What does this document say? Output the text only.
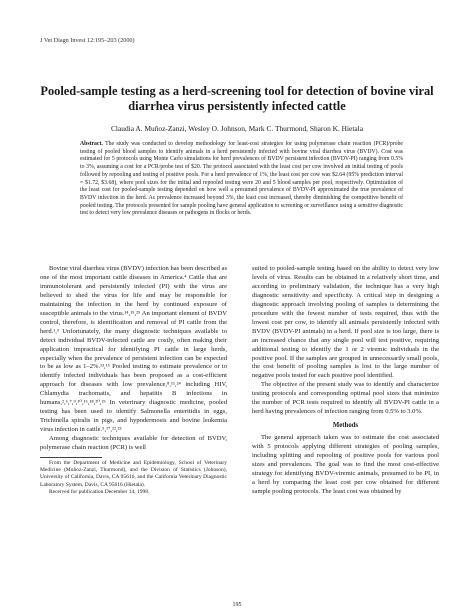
J Vet Diagn Invest 12:195–203 (2000)
Pooled-sample testing as a herd-screening tool for detection of bovine viral diarrhea virus persistently infected cattle
Claudia A. Muñoz-Zanzi, Wesley O. Johnson, Mark C. Thurmond, Sharon K. Hietala

Abstract. The study was conducted to develop methodology for least-cost strategies for using polymerase chain reaction (PCR)/probe testing of pooled blood samples to identify animals in a herd persistently infected with bovine viral diarrhea virus (BVDV). Cost was estimated for 5 protocols using Monte Carlo simulations for herd prevalences of BVDV persistent infection (BVDV-PI) ranging from 0.5% to 3%, assuming a cost for a PCR/probe test of $20. The protocol associated with the least cost per cow involved an initial testing of pools followed by repooling and testing of positive pools. For a herd prevalence of 1%, the least cost per cow was $2.64 (95% prediction interval = $1.72, $3.68), where pool sizes for the initial and repooled testing were 20 and 5 blood samples per pool, respectively. Optimization of the least cost for pooled-sample testing depended on how well a presumed prevalence of BVDV-PI approximated the true prevalence of BVDV infection in the herd. As prevalence increased beyond 3%, the least cost increased, thereby diminishing the competitive benefit of pooled testing. The protocols presented for sample pooling have general application to screening or surveillance using a sensitive diagnostic test to detect very low prevalence diseases or pathogens in flocks or herds.

Bovine viral diarrhea virus (BVDV) infection has been described as one of the most important cattle diseases in America.⁴ Cattle that are immunotolerant and persistently infected (PI) with the virus are believed to shed the virus for life and may be responsible for maintaining the infection in the herd by continued exposure of susceptible animals to the virus.¹⁴,¹⁵,²⁵ An important element of BVDV control, therefore, is identification and removal of PI cattle from the herd.¹,³ Unfortunately, the many diagnostic techniques available to detect individual BVDV-infected cattle are costly, often making their application impractical for identifying PI cattle in large herds, especially when the prevalence of persistent infection can be expected to be as low as 1–2%.¹³,¹⁵ Pooled testing to estimate prevalence or to identify infected individuals has been proposed as a cost-efficient approach for diseases with low prevalence,⁸,¹¹,²⁴ including HIV, Chlamydia trachomatis, and hepatitis B infections in humans,²,⁶,⁷,⁹,¹⁰,¹⁶,¹⁸,²⁰,²⁶ In veterinary diagnostic medicine, pooled testing has been used to identify Salmonella enteritidis in eggs, Trichinella spiralis in pigs, and hypodermosis and bovine leukemia virus infection in cattle.⁵,¹⁷,²²,²³

Among diagnostic techniques available for detection of BVDV, polymerase chain reaction (PCR) is well

From the Department of Medicine and Epidemiology, School of Veterinary Medicine (Muñoz-Zanzi, Thurmond), and the Division of Statistics (Johnson), University of California, Davis, CA 95616, and the California Veterinary Diagnostic Laboratory System, Davis, CA 95616 (Hietala).

Received for publication December 14, 1998.

suited to pooled-sample testing based on the ability to detect very low levels of virus. Results can be obtained in a relatively short time, and according to preliminary validation, the technique has a very high diagnostic sensitivity and specificity. A critical step in designing a diagnostic approach involving pooling of samples is determining the procedure with the fewest number of tests required, thus with the lowest cost per cow, to identify all animals persistently infected with BVDV (BVDV-PI animals) in a herd. If pool size is too large, there is an increased chance that any single pool will test positive, requiring additional testing to identify the 1 or 2 viremic individuals in the positive pool. If the samples are grouped in unnecessarily small pools, the cost benefit of pooling samples is lost to the large number of negative pools tested for each positive pool identified.

The objective of the present study was to identify and characterize testing protocols and corresponding optimal pool sizes that minimize the number of PCR tests required to identify all BVDV-PI cattle in a herd having prevalences of infection ranging from 0.5% to 3.0%.

Methods

The general approach taken was to estimate the cost associated with 5 protocols applying different strategies of pooling samples, including splitting and repooling of positive pools for various pool sizes and prevalences. The goal was to find the most cost-effective strategy for identifying BVDV-viremic animals, presumed to be PI, in a herd by comparing the least cost per cow obtained for different sample pooling protocols. The least cost was obtained by

195
